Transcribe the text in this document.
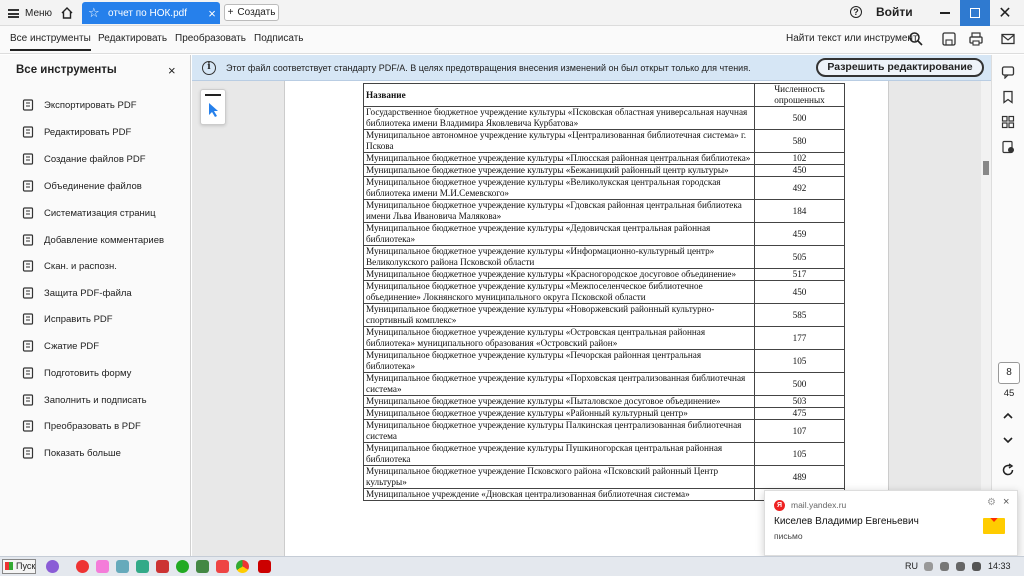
Меню	☆ отчет по НОК.pdf	×	+ Создать	? Войти	✕
Все инструменты Редактировать Преобразовать Подписать	Найти текст или инструмент
Все инструменты	×
Экспортировать PDF
Редактировать PDF
Создание файлов PDF
Объединение файлов
Систематизация страниц
Добавление комментариев
Скан. и распозн.
Защита PDF-файла
Исправить PDF
Сжатие PDF
Подготовить форму
Заполнить и подписать
Преобразовать в PDF
Показать больше
i	Этот файл соответствует стандарту PDF/A. В целях предотвращения внесения изменений он был открыт только для чтения.	Разрешить редактирование
Название	Численность опрошенных
Государственное бюджетное учреждение культуры «Псковская областная универсальная научная библиотека имени Владимира Яковлевича Курбатова»	500
Муниципальное автономное учреждение культуры «Централизованная библиотечная система» г. Пскова	580
Муниципальное бюджетное учреждение культуры «Плюсская районная центральная библиотека»	102
Муниципальное бюджетное учреждение культуры «Бежаницкий районный центр культуры»	450
Муниципальное бюджетное учреждение культуры «Великолукская центральная городская библиотека имени М.И.Семевского»	492
Муниципальное бюджетное учреждение культуры «Гдовская районная центральная библиотека имени Льва Ивановича Малякова»	184
Муниципальное бюджетное учреждение культуры «Дедовичская центральная районная библиотека»	459
Муниципальное бюджетное учреждение культуры «Информационно-культурный центр» Великолукского района Псковской области	505
Муниципальное бюджетное учреждение культуры «Красногородское досуговое объединение»	517
Муниципальное бюджетное учреждение культуры «Межпоселенческое библиотечное объединение» Локнянского муниципального округа Псковской области	450
Муниципальное бюджетное учреждение культуры «Новоржевский районный культурно- спортивный комплекс»	585
Муниципальное бюджетное учреждение культуры «Островская центральная районная библиотека» муниципального образования «Островский район»	177
Муниципальное бюджетное учреждение культуры «Печорская районная центральная библиотека»	105
Муниципальное бюджетное учреждение культуры «Порховская централизованная библиотечная система»	500
Муниципальное бюджетное учреждение культуры «Пыталовское досуговое объединение»	503
Муниципальное бюджетное учреждение культуры «Районный культурный центр»	475
Муниципальное бюджетное учреждение культуры Палкинская централизованная библиотечная система	107
Муниципальное бюджетное учреждение культуры Пушкиногорская центральная районная библиотека	105
Муниципальное бюджетное учреждение Псковского района «Псковский районный Центр культуры»	489
Муниципальное учреждение «Дновская централизованная библиотечная система»	
8
45
Я	mail.yandex.ru	⚙ ×
Киселев Владимир Евгеньевич
письмо
Пуск	RU	14:33
